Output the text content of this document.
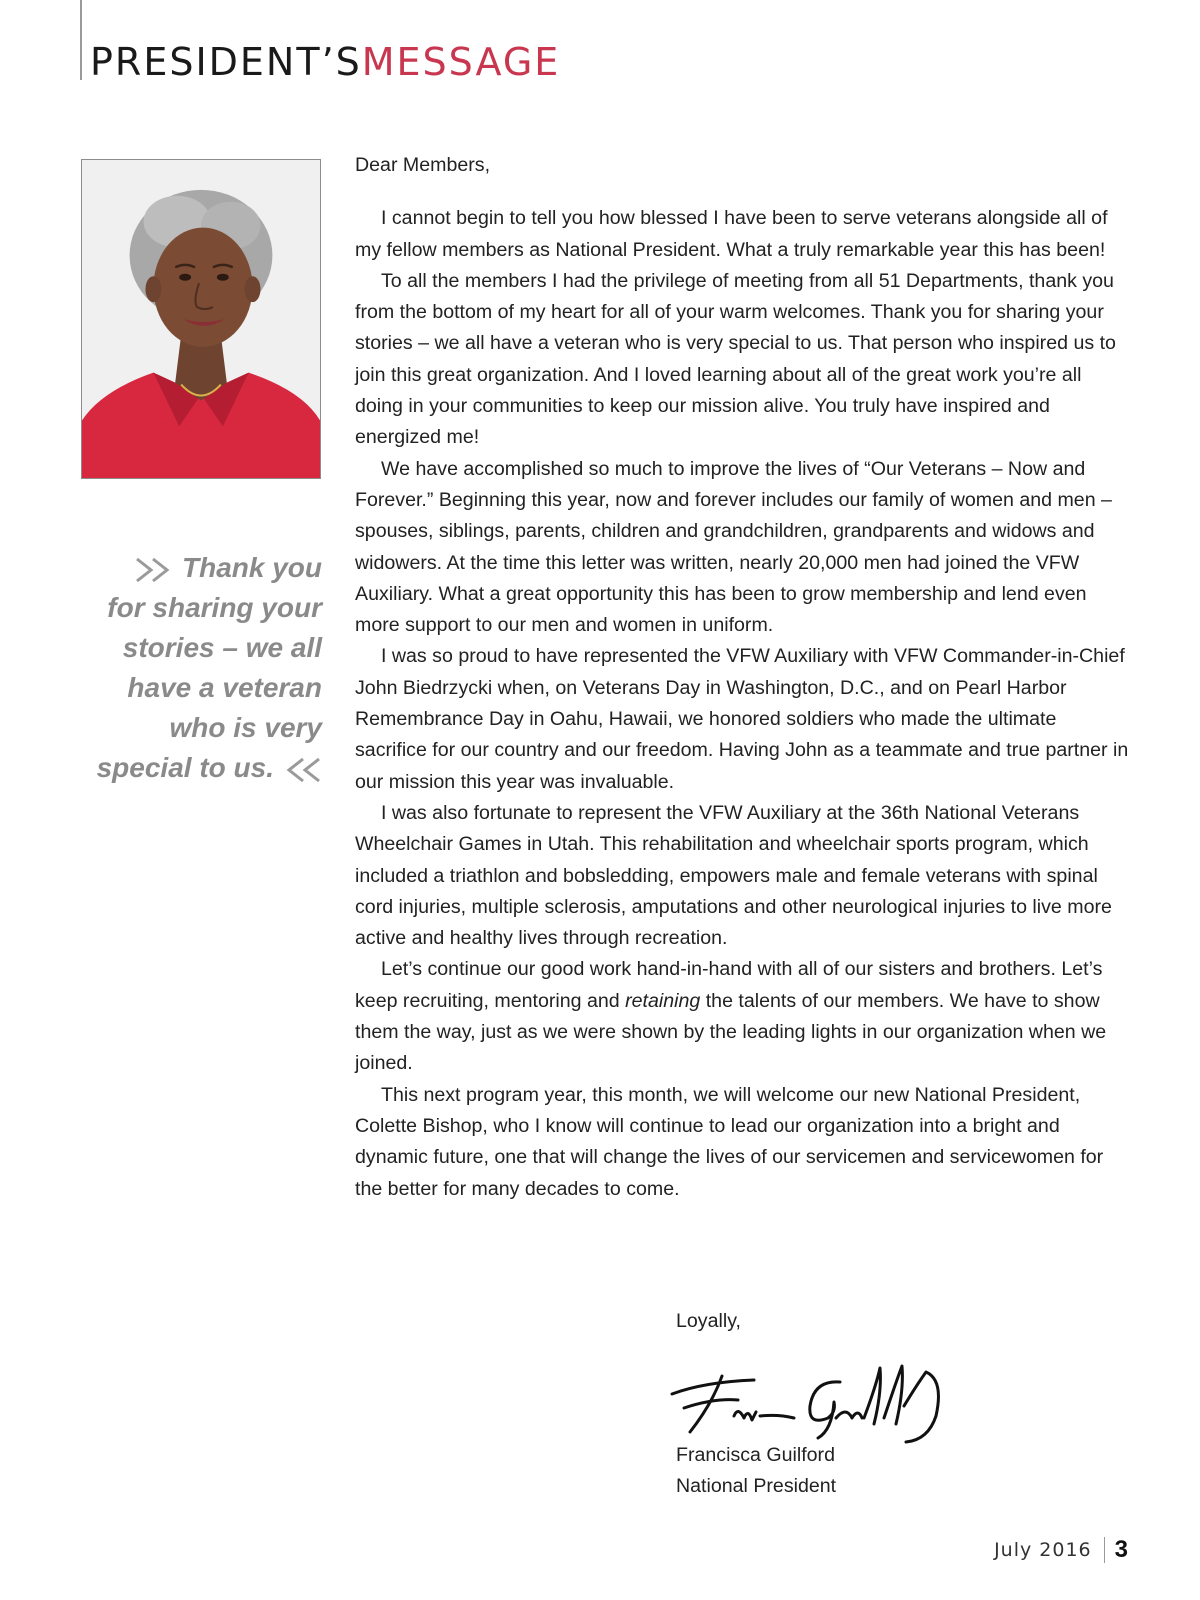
PRESIDENT’SMESSAGE
Thank you for sharing your stories – we all have a veteran who is very special to us.

Dear Members,

I cannot begin to tell you how blessed I have been to serve veterans alongside all of my fellow members as National President. What a truly remarkable year this has been!

To all the members I had the privilege of meeting from all 51 Departments, thank you from the bottom of my heart for all of your warm welcomes. Thank you for sharing your stories – we all have a veteran who is very special to us. That person who inspired us to join this great organization. And I loved learning about all of the great work you’re all doing in your communities to keep our mission alive. You truly have inspired and energized me!

We have accomplished so much to improve the lives of “Our Veterans – Now and Forever.” Beginning this year, now and forever includes our family of women and men – spouses, siblings, parents, children and grandchildren, grandparents and widows and widowers. At the time this letter was written, nearly 20,000 men had joined the VFW Auxiliary. What a great opportunity this has been to grow membership and lend even more support to our men and women in uniform.

I was so proud to have represented the VFW Auxiliary with VFW Commander-in-Chief John Biedrzycki when, on Veterans Day in Washington, D.C., and on Pearl Harbor Remembrance Day in Oahu, Hawaii, we honored soldiers who made the ultimate sacrifice for our country and our freedom. Having John as a teammate and true partner in our mission this year was invaluable.

I was also fortunate to represent the VFW Auxiliary at the 36th National Veterans Wheelchair Games in Utah. This rehabilitation and wheelchair sports program, which included a triathlon and bobsledding, empowers male and female veterans with spinal cord injuries, multiple sclerosis, amputations and other neurological injuries to live more active and healthy lives through recreation.

Let’s continue our good work hand-in-hand with all of our sisters and brothers. Let’s keep recruiting, mentoring and retaining the talents of our members. We have to show them the way, just as we were shown by the leading lights in our organization when we joined.

This next program year, this month, we will welcome our new National President, Colette Bishop, who I know will continue to lead our organization into a bright and dynamic future, one that will change the lives of our servicemen and servicewomen for the better for many decades to come.

Loyally,

Francisca Guilford

National President

July 2016 3
